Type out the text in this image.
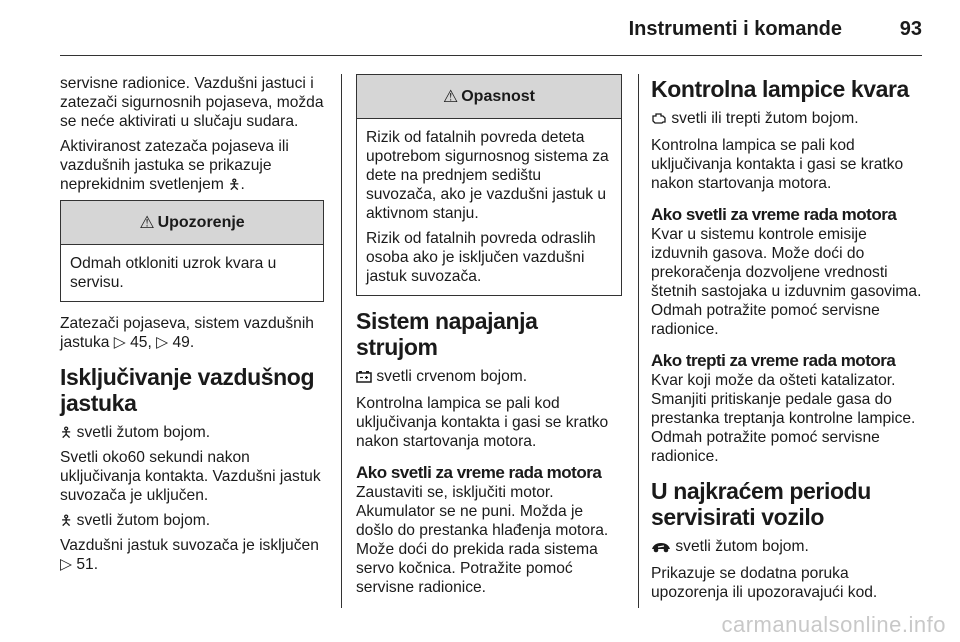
Instrumenti i komande	93

servisne radionice. Vazdušni jastuci i zatezači sigurnosnih pojaseva, možda se neće aktivirati u slučaju sudara.

Aktiviranost zatezača pojaseva ili vazdušnih jastuka se prikazuje neprekidnim svetlenjem 🯅.

⚠ Upozorenje

Odmah otkloniti uzrok kvara u servisu.

Zatezači pojaseva, sistem vazdušnih jastuka ▷ 45, ▷ 49.

Isključivanje vazdušnog jastuka

🯅 svetli žutom bojom.

Svetli oko60 sekundi nakon uključivanja kontakta. Vazdušni jastuk suvozača je uključen.

🯅 svetli žutom bojom.

Vazdušni jastuk suvozača je isključen ▷ 51.

⚠ Opasnost

Rizik od fatalnih povreda deteta upotrebom sigurnosnog sistema za dete na prednjem sedištu suvozača, ako je vazdušni jastuk u aktivnom stanju.

Rizik od fatalnih povreda odraslih osoba ako je isključen vazdušni jastuk suvozača.

Sistem napajanja strujom

svetli crvenom bojom.

Kontrolna lampica se pali kod uključivanja kontakta i gasi se kratko nakon startovanja motora.

Ako svetli za vreme rada motora

Zaustaviti se, isključiti motor. Akumulator se ne puni. Možda je došlo do prestanka hlađenja motora. Može doći do prekida rada sistema servo kočnica. Potražite pomoć servisne radionice.

Kontrolna lampice kvara

svetli ili trepti žutom bojom.

Kontrolna lampica se pali kod uključivanja kontakta i gasi se kratko nakon startovanja motora.

Ako svetli za vreme rada motora

Kvar u sistemu kontrole emisije izduvnih gasova. Može doći do prekoračenja dozvoljene vrednosti štetnih sastojaka u izduvnim gasovima. Odmah potražite pomoć servisne radionice.

Ako trepti za vreme rada motora

Kvar koji može da ošteti katalizator. Smanjiti pritiskanje pedale gasa do prestanka treptanja kontrolne lampice. Odmah potražite pomoć servisne radionice.

U najkraćem periodu servisirati vozilo

svetli žutom bojom.

Prikazuje se dodatna poruka upozorenja ili upozoravajući kod.

carmanualsonline.info
